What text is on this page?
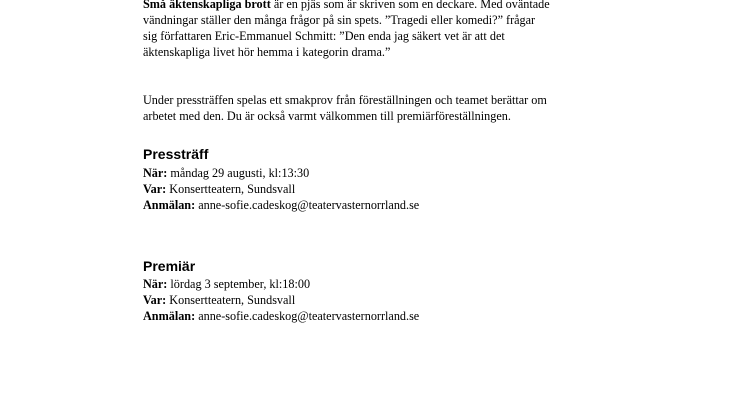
Små äktenskapliga brott är en pjäs som är skriven som en deckare. Med oväntade
vändningar ställer den många frågor på sin spets. ”Tragedi eller komedi?” frågar
sig författaren Eric-Emmanuel Schmitt: ”Den enda jag säkert vet är att det
äktenskapliga livet hör hemma i kategorin drama.”
Under pressträffen spelas ett smakprov från föreställningen och teamet berättar om
arbetet med den. Du är också varmt välkommen till premiärföreställningen.
Pressträff
När: måndag 29 augusti, kl:13:30
Var: Konsertteatern, Sundsvall
Anmälan: anne-sofie.cadeskog@teatervasternorrland.se
Premiär
När: lördag 3 september, kl:18:00
Var: Konsertteatern, Sundsvall
Anmälan: anne-sofie.cadeskog@teatervasternorrland.se
